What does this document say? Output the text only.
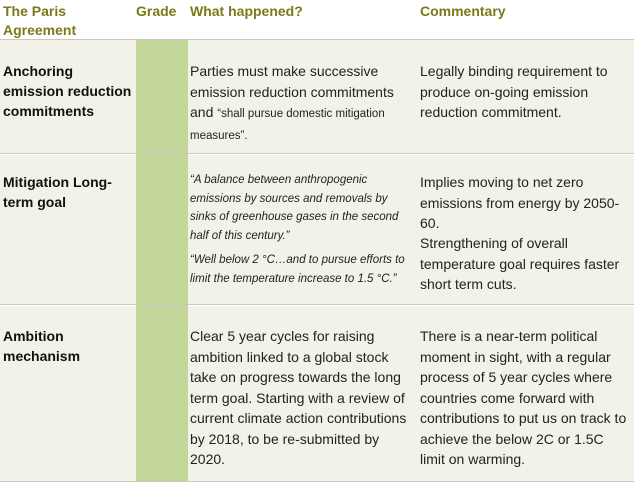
The Paris Agreement
Grade What happened?	Commentary
Anchoring emission reduction commitments
Parties must make successive emission reduction commitments and “shall pursue domestic mitigation measures”.
Legally binding requirement to produce on-going emission reduction commitment.
Mitigation Long-term goal
“A balance between anthropogenic emissions by sources and removals by sinks of greenhouse gases in the second half of this century.”
“Well below 2 °C…and to pursue efforts to limit the temperature increase to 1.5 °C.”
Implies moving to net zero emissions from energy by 2050-60.
Strengthening of overall temperature goal requires faster short term cuts.
Ambition mechanism
Clear 5 year cycles for raising ambition linked to a global stock take on progress towards the long term goal. Starting with a review of current climate action contributions by 2018, to be re-submitted by 2020.
There is a near-term political moment in sight, with a regular process of 5 year cycles where countries come forward with contributions to put us on track to achieve the below 2C or 1.5C limit on warming.
